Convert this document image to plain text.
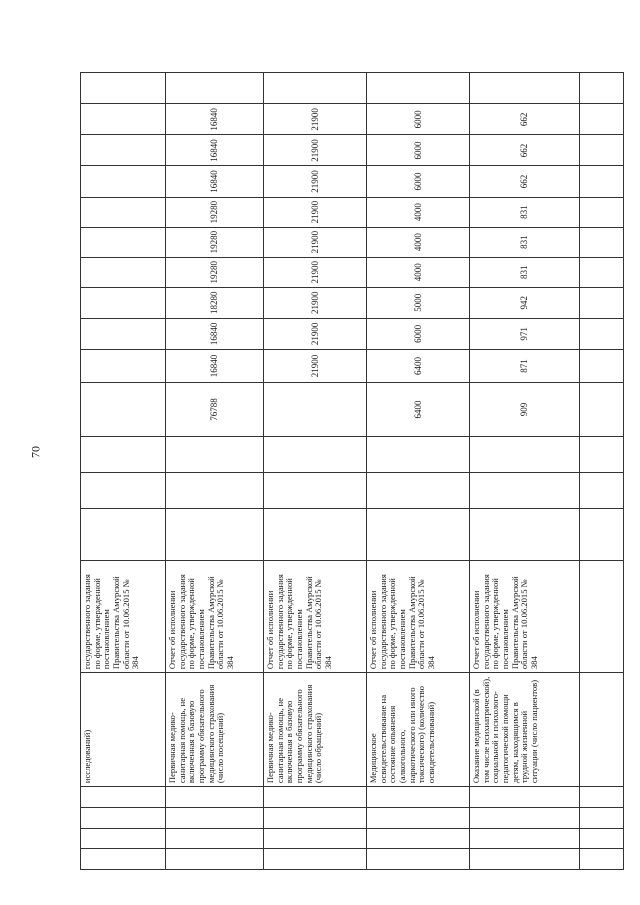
70
				исследований)	государственного задания по форме, утвержденной постановлением Правительства Амурской области от 10.06.2015 № 384														
				Первичная медико-санитарная помощь, не включенная в базовую программу обязательного медицинского страхования (число посещений)	Отчет об исполнении государственного задания по форме, утвержденной постановлением Правительства Амурской области от 10.06.2015 № 384				76788	16840	16840	18280	19280	19280	19280	16840	16840	16840	
				Первичная медико-санитарная помощь, не включенная в базовую программу обязательного медицинского страхования (число обращений)	Отчет об исполнении государственного задания по форме, утвержденной постановлением Правительства Амурской области от 10.06.2015 № 384					21900	21900	21900	21900	21900	21900	21900	21900	21900	
				Медицинское освидетельствование на состояние опьянения (алкогольного, наркотического или иного токсического) (количество освидетельствований)	Отчет об исполнении государственного задания по форме, утвержденной постановлением Правительства Амурской области от 10.06.2015 № 384				6400	6400	6000	5000	4000	4000	4000	6000	6000	6000	
				Оказание медицинской (в том числе психиатрической), социальной и психолого-педагогической помощи детям, находящимся в трудной жизненной ситуации (число пациентов)	Отчет об исполнении государственного задания по форме, утвержденной постановлением Правительства Амурской области от 10.06.2015 № 384				909	871	971	942	831	831	831	662	662	662	
